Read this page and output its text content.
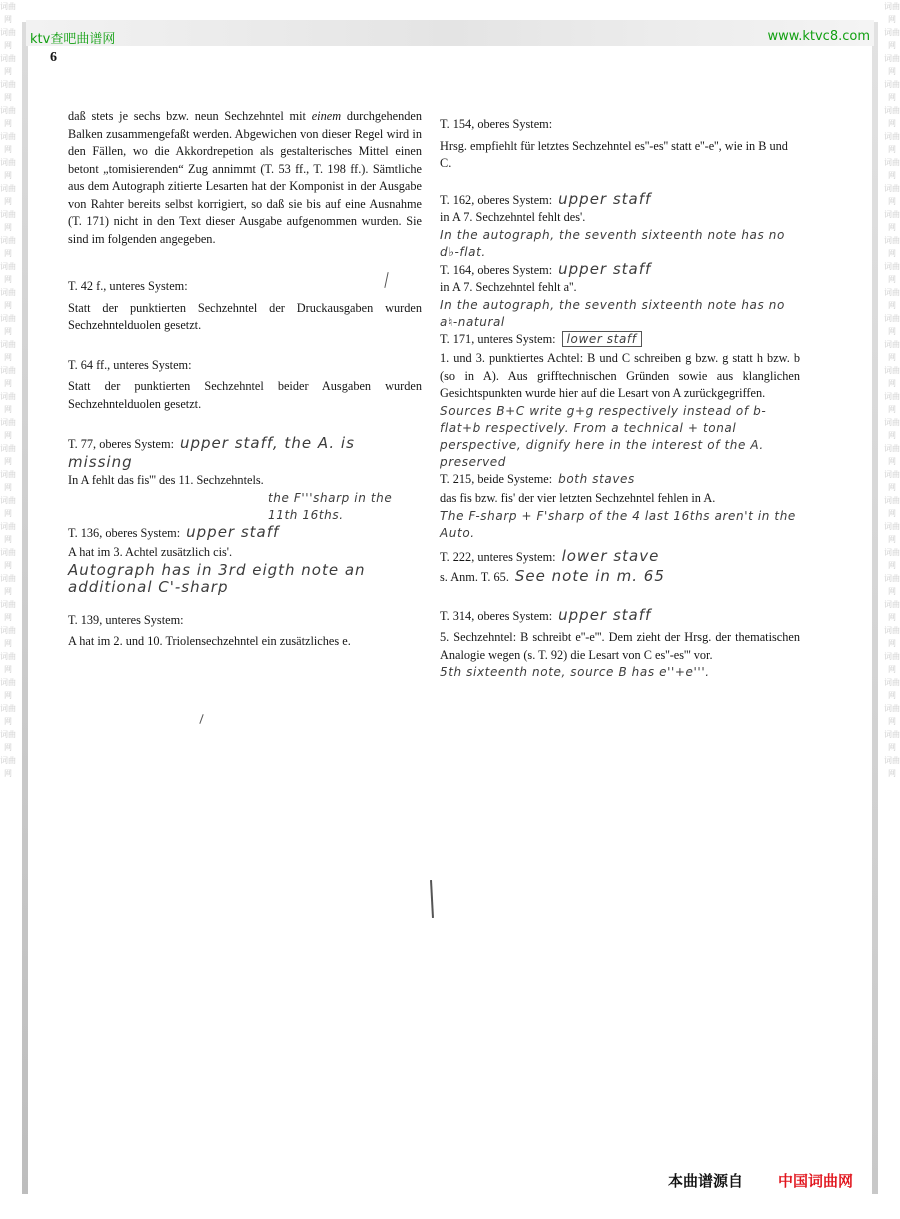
词曲网 词曲网 词曲网 词曲网 词曲网 词曲网 词曲网 词曲网 词曲网 词曲网 词曲网 词曲网 词曲网 词曲网 词曲网 词曲网 词曲网 词曲网 词曲网 词曲网 词曲网 词曲网 词曲网 词曲网 词曲网 词曲网 词曲网 词曲网 词曲网 词曲网
词曲网 词曲网 词曲网 词曲网 词曲网 词曲网 词曲网 词曲网 词曲网 词曲网 词曲网 词曲网 词曲网 词曲网 词曲网 词曲网 词曲网 词曲网 词曲网 词曲网 词曲网 词曲网 词曲网 词曲网 词曲网 词曲网 词曲网 词曲网 词曲网 词曲网
ktv查吧曲谱网	www.ktvc8.com
6

daß stets je sechs bzw. neun Sechzehntel mit einem durchgehenden Balken zusammengefaßt werden. Abgewichen von dieser Regel wird in den Fällen, wo die Akkordrepetion als gestalterisches Mittel einen betont „tomisierenden“ Zug annimmt (T. 53 ff., T. 198 ff.). Sämtliche aus dem Autograph zitierte Lesarten hat der Komponist in der Ausgabe von Rahter bereits selbst korrigiert, so daß sie bis auf eine Ausnahme (T. 171) nicht in den Text dieser Ausgabe aufgenommen wurden. Sie sind im folgenden angegeben.

T. 42 f., unteres System:

Statt der punktierten Sechzehntel der Druckausgaben wurden Sechzehntelduolen gesetzt.

T. 64 ff., unteres System:

Statt der punktierten Sechzehntel beider Ausgaben wurden Sechzehntelduolen gesetzt.

T. 77, oberes System: upper staff, the A. is missing

In A fehlt das fis''' des 11. Sechzehntels.

the F'''sharp in the 11th 16ths.

T. 136, oberes System: upper staff

A hat im 3. Achtel zusätzlich cis'.

Autograph has in 3rd eigth note an additional C'-sharp

T. 139, unteres System:

A hat im 2. und 10. Triolensechzehntel ein zusätzliches e.

T. 154, oberes System:

Hrsg. empfiehlt für letztes Sechzehntel es''-es'' statt e''-e'', wie in B und C.

T. 162, oberes System: upper staff

in A 7. Sechzehntel fehlt des'.

In the autograph, the seventh sixteenth note has no d♭-flat.

T. 164, oberes System: upper staff

in A 7. Sechzehntel fehlt a''.

In the autograph, the seventh sixteenth note has no a♮-natural

T. 171, unteres System: lower staff

1. und 3. punktiertes Achtel: B und C schreiben g bzw. g statt h bzw. b (so in A). Aus grifftechnischen Gründen sowie aus klanglichen Gesichtspunkten wurde hier auf die Lesart von A zurückgegriffen.

Sources B+C write g+g respectively instead of b-flat+b respectively. From a technical + tonal perspective, dignify here in the interest of the A. preserved

T. 215, beide Systeme: both staves

das fis bzw. fis' der vier letzten Sechzehntel fehlen in A.

The F-sharp + F'sharp of the 4 last 16ths aren't in the Auto.

T. 222, unteres System: lower stave

s. Anm. T. 65. See note in m. 65

T. 314, oberes System: upper staff

5. Sechzehntel: B schreibt e''-e'''. Dem zieht der Hrsg. der thematischen Analogie wegen (s. T. 92) die Lesart von C es''-es''' vor.

5th sixteenth note, source B has e''+e'''.
本曲谱源自 中国词曲网
